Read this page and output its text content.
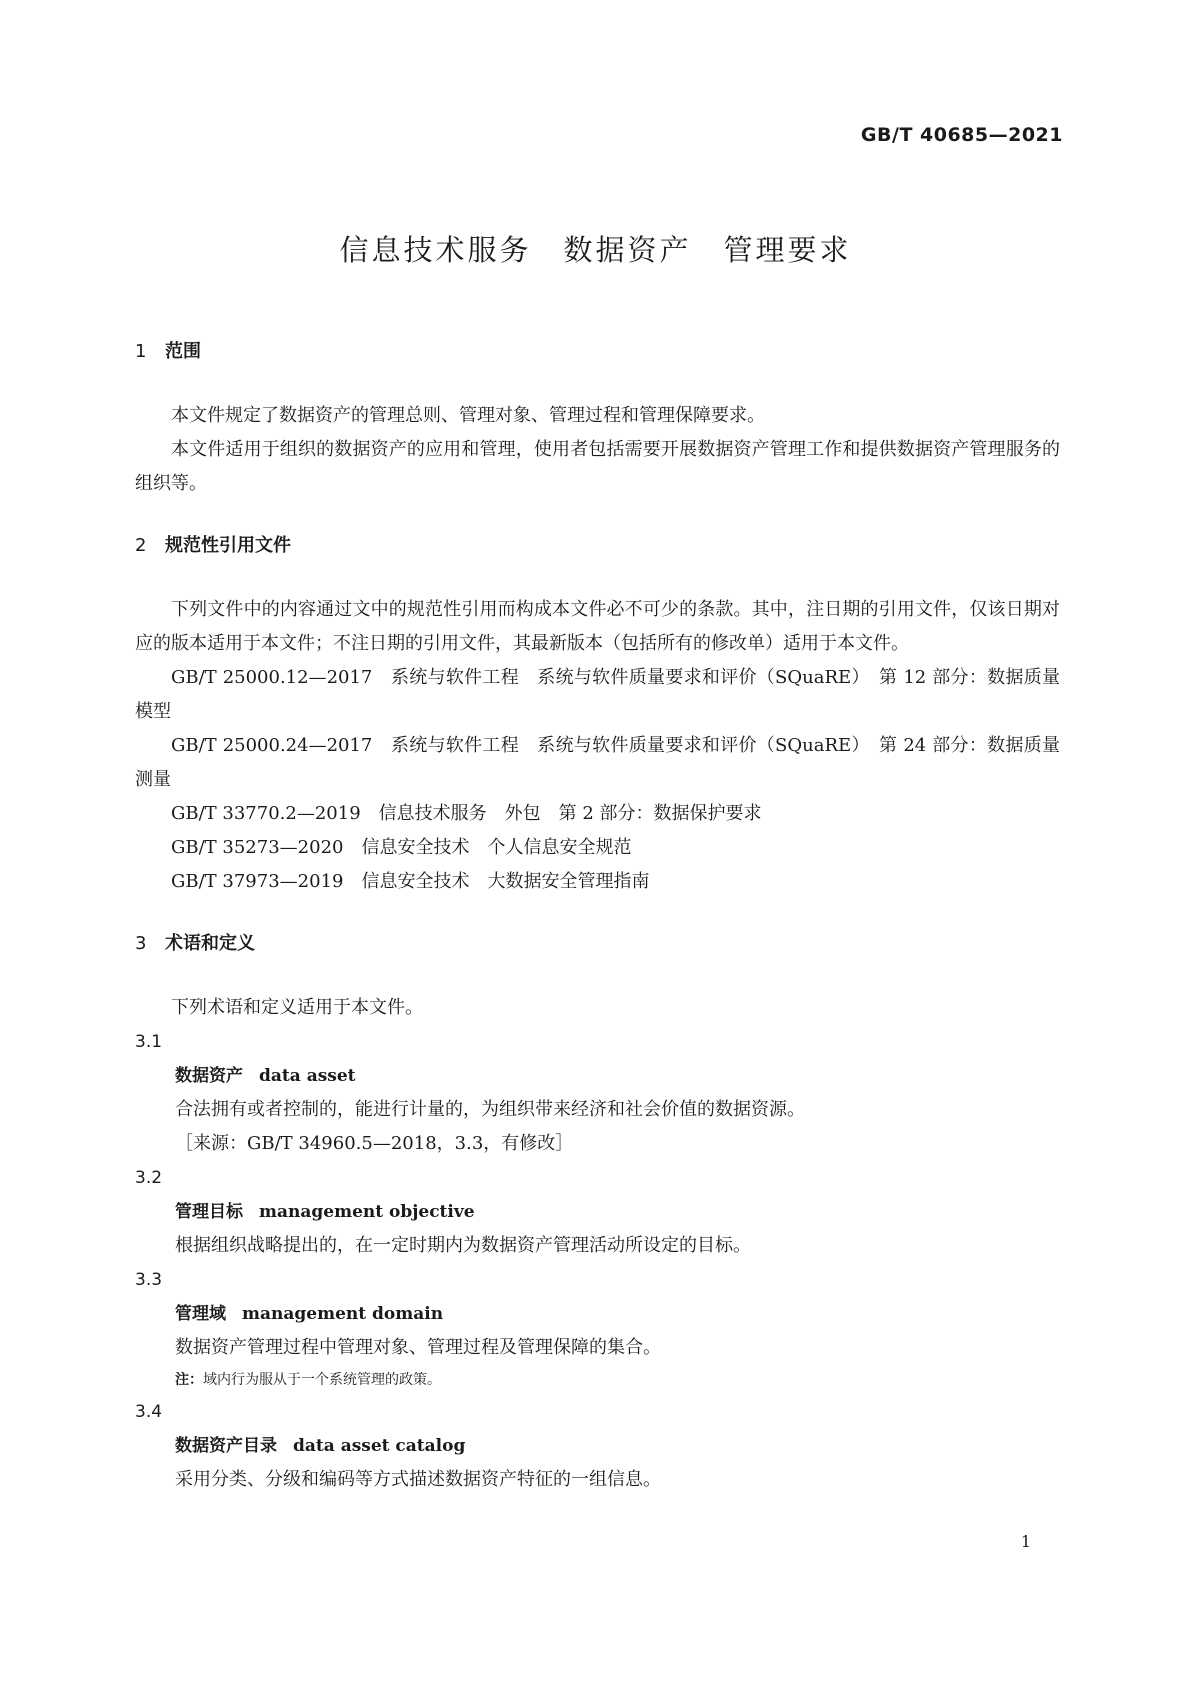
GB/T 40685—2021
信息技术服务　数据资产　管理要求
1 范围
本文件规定了数据资产的管理总则、管理对象、管理过程和管理保障要求。
本文件适用于组织的数据资产的应用和管理，使用者包括需要开展数据资产管理工作和提供数据资产管理服务的组织等。
2 规范性引用文件
下列文件中的内容通过文中的规范性引用而构成本文件必不可少的条款。其中，注日期的引用文件，仅该日期对应的版本适用于本文件；不注日期的引用文件，其最新版本（包括所有的修改单）适用于本文件。
GB/T 25000.12—2017　系统与软件工程　系统与软件质量要求和评价（SQuaRE）　第 12 部分：数据质量模型
GB/T 25000.24—2017　系统与软件工程　系统与软件质量要求和评价（SQuaRE）　第 24 部分：数据质量测量
GB/T 33770.2—2019　信息技术服务　外包　第 2 部分：数据保护要求
GB/T 35273—2020　信息安全技术　个人信息安全规范
GB/T 37973—2019　信息安全技术　大数据安全管理指南
3 术语和定义
下列术语和定义适用于本文件。
3.1
数据资产 data asset
合法拥有或者控制的，能进行计量的，为组织带来经济和社会价值的数据资源。
［来源：GB/T 34960.5—2018，3.3，有修改］
3.2
管理目标 management objective
根据组织战略提出的，在一定时期内为数据资产管理活动所设定的目标。
3.3
管理域 management domain
数据资产管理过程中管理对象、管理过程及管理保障的集合。
注：域内行为服从于一个系统管理的政策。
3.4
数据资产目录 data asset catalog
采用分类、分级和编码等方式描述数据资产特征的一组信息。
1
